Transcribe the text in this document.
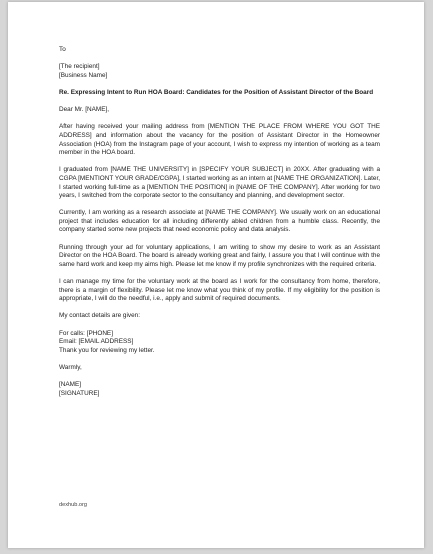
To
[The recipient]
[Business Name]
Re. Expressing Intent to Run HOA Board: Candidates for the Position of Assistant Director of the Board
Dear Mr. [NAME],
After having received your mailing address from [MENTION THE PLACE FROM WHERE YOU GOT THE ADDRESS] and information about the vacancy for the position of Assistant Director in the Homeowner Association (HOA) from the Instagram page of your account, I wish to express my intention of working as a team member in the HOA board.
I graduated from [NAME THE UNIVERSITY] in [SPECIFY YOUR SUBJECT] in 20XX. After graduating with a CGPA [MENTIONT YOUR GRADE/CGPA], I started working as an intern at [NAME THE ORGANIZATION]. Later, I started working full-time as a [MENTION THE POSITION] in [NAME OF THE COMPANY]. After working for two years, I switched from the corporate sector to the consultancy and planning, and development sector.
Currently, I am working as a research associate at [NAME THE COMPANY]. We usually work on an educational project that includes education for all including differently abled children from a humble class. Recently, the company started some new projects that need economic policy and data analysis.
Running through your ad for voluntary applications, I am writing to show my desire to work as an Assistant Director on the HOA Board. The board is already working great and fairly, I assure you that I will continue with the same hard work and keep my aims high. Please let me know if my profile synchronizes with the required criteria.
I can manage my time for the voluntary work at the board as I work for the consultancy from home, therefore, there is a margin of flexibility. Please let me know what you think of my profile. If my eligibility for the position is appropriate, I will do the needful, i.e., apply and submit of required documents.
My contact details are given:
For calls: [PHONE]
Email: [EMAIL ADDRESS]
Thank you for reviewing my letter.
Warmly,
[NAME]
[SIGNATURE]
dexhub.org
